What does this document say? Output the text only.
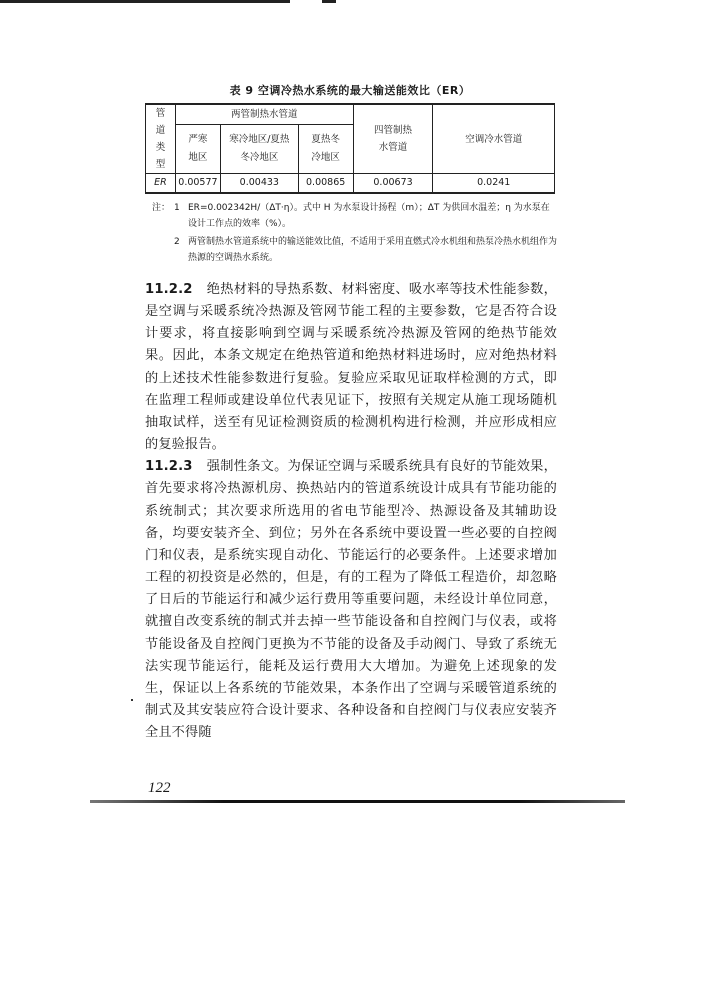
表 9 空调冷热水系统的最大输送能效比（ER）
管道类型	两管制热水管道			四管制热水管道	空调冷水管道
	严寒地区	寒冷地区/夏热冬冷地区	夏热冬冷地区		
ER	0.00577	0.00433	0.00865	0.00673	0.0241
注： 1 ER=0.002342H/（ΔT·η）。式中 H 为水泵设计扬程（m）；ΔT 为供回水温差；η 为水泵在设计工作点的效率（%）。
2 两管制热水管道系统中的输送能效比值，不适用于采用直燃式冷水机组和热泵冷热水机组作为热源的空调热水系统。

11.2.2 绝热材料的导热系数、材料密度、吸水率等技术性能参数，是空调与采暖系统冷热源及管网节能工程的主要参数，它是否符合设计要求，将直接影响到空调与采暖系统冷热源及管网的绝热节能效果。因此，本条文规定在绝热管道和绝热材料进场时，应对绝热材料的上述技术性能参数进行复验。复验应采取见证取样检测的方式，即在监理工程师或建设单位代表见证下，按照有关规定从施工现场随机抽取试样，送至有见证检测资质的检测机构进行检测，并应形成相应的复验报告。

11.2.3 强制性条文。为保证空调与采暖系统具有良好的节能效果，首先要求将冷热源机房、换热站内的管道系统设计成具有节能功能的系统制式；其次要求所选用的省电节能型冷、热源设备及其辅助设备，均要安装齐全、到位；另外在各系统中要设置一些必要的自控阀门和仪表，是系统实现自动化、节能运行的必要条件。上述要求增加工程的初投资是必然的，但是，有的工程为了降低工程造价，却忽略了日后的节能运行和减少运行费用等重要问题，未经设计单位同意，就擅自改变系统的制式并去掉一些节能设备和自控阀门与仪表，或将节能设备及自控阀门更换为不节能的设备及手动阀门、导致了系统无法实现节能运行，能耗及运行费用大大增加。为避免上述现象的发生，保证以上各系统的节能效果，本条作出了空调与采暖管道系统的制式及其安装应符合设计要求、各种设备和自控阀门与仪表应安装齐全且不得随

122
